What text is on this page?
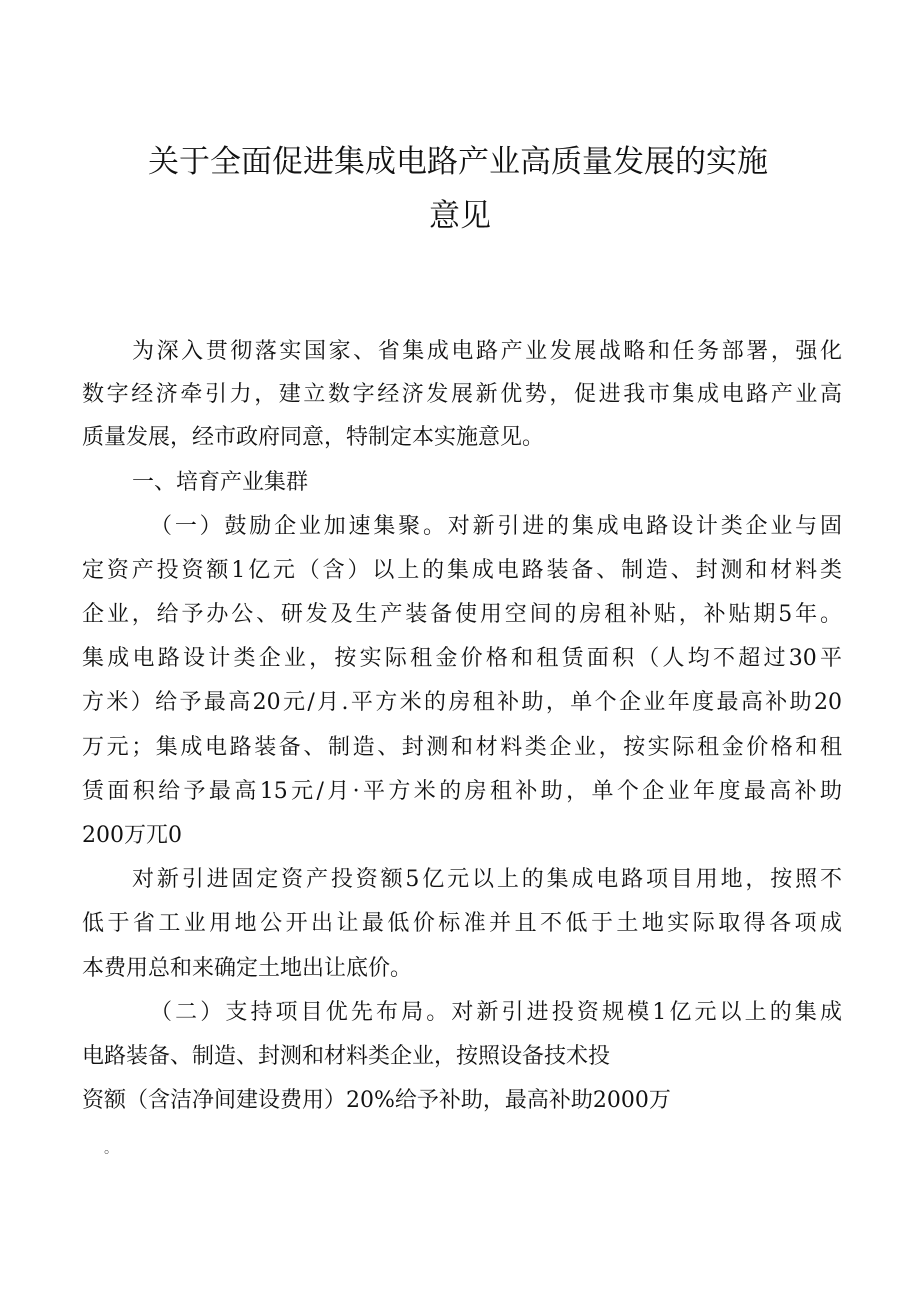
关于全面促进集成电路产业高质量发展的实施
意见
为深入贯彻落实国家、省集成电路产业发展战略和任务部署，强化
数字经济牵引力，建立数字经济发展新优势，促进我市集成电路产业高
质量发展，经市政府同意，特制定本实施意见。
一、培育产业集群
（一）鼓励企业加速集聚。对新引进的集成电路设计类企业与固
定资产投资额1亿元（含）以上的集成电路装备、制造、封测和材料类
企业，给予办公、研发及生产装备使用空间的房租补贴，补贴期5年。
集成电路设计类企业，按实际租金价格和租赁面积（人均不超过30平
方米）给予最高20元/月.平方米的房租补助，单个企业年度最高补助20
万元；集成电路装备、制造、封测和材料类企业，按实际租金价格和租
赁面积给予最高15元/月·平方米的房租补助，单个企业年度最高补助
200万兀0
对新引进固定资产投资额5亿元以上的集成电路项目用地，按照不
低于省工业用地公开出让最低价标准并且不低于土地实际取得各项成
本费用总和来确定土地出让底价。
（二）支持项目优先布局。对新引进投资规模1亿元以上的集成
电路装备、制造、封测和材料类企业，按照设备技术投
资额（含洁净间建设费用）20%给予补助，最高补助2000万
。
